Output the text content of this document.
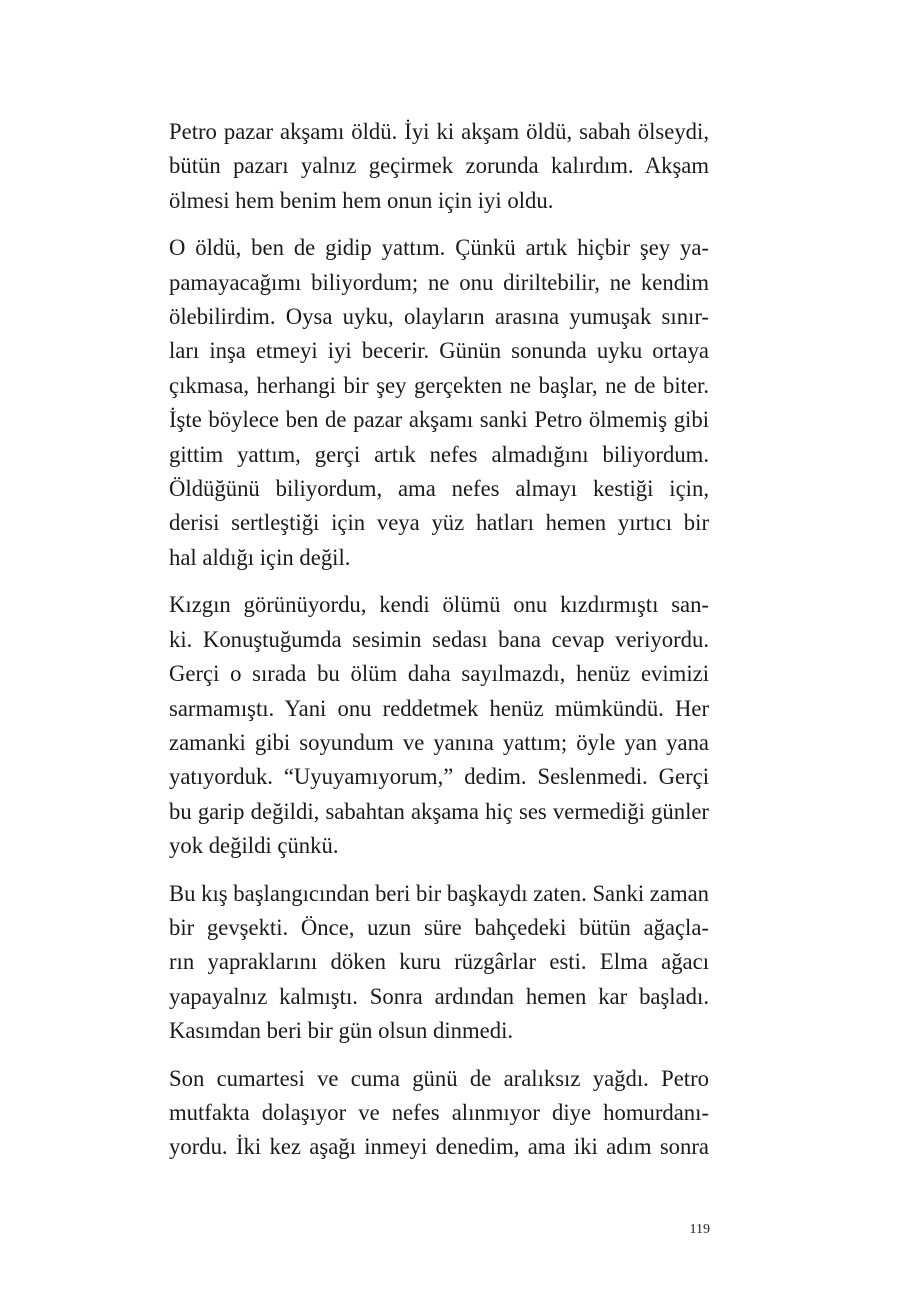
Petro pazar akşamı öldü. İyi ki akşam öldü, sabah ölseydi,
bütün pazarı yalnız geçirmek zorunda kalırdım. Akşam
ölmesi hem benim hem onun için iyi oldu.

O öldü, ben de gidip yattım. Çünkü artık hiçbir şey ya-
pamayacağımı biliyordum; ne onu diriltebilir, ne kendim
ölebilirdim. Oysa uyku, olayların arasına yumuşak sınır-
ları inşa etmeyi iyi becerir. Günün sonunda uyku ortaya
çıkmasa, herhangi bir şey gerçekten ne başlar, ne de biter.
İşte böylece ben de pazar akşamı sanki Petro ölmemiş gibi
gittim yattım, gerçi artık nefes almadığını biliyordum.
Öldüğünü biliyordum, ama nefes almayı kestiği için,
derisi sertleştiği için veya yüz hatları hemen yırtıcı bir
hal aldığı için değil.

Kızgın görünüyordu, kendi ölümü onu kızdırmıştı san-
ki. Konuştuğumda sesimin sedası bana cevap veriyordu.
Gerçi o sırada bu ölüm daha sayılmazdı, henüz evimizi
sarmamıştı. Yani onu reddetmek henüz mümkündü. Her
zamanki gibi soyundum ve yanına yattım; öyle yan yana
yatıyorduk. “Uyuyamıyorum,” dedim. Seslenmedi. Gerçi
bu garip değildi, sabahtan akşama hiç ses vermediği günler
yok değildi çünkü.

Bu kış başlangıcından beri bir başkaydı zaten. Sanki zaman
bir gevşekti. Önce, uzun süre bahçedeki bütün ağaçla-
rın yapraklarını döken kuru rüzgârlar esti. Elma ağacı
yapayalnız kalmıştı. Sonra ardından hemen kar başladı.
Kasımdan beri bir gün olsun dinmedi.

Son cumartesi ve cuma günü de aralıksız yağdı. Petro
mutfakta dolaşıyor ve nefes alınmıyor diye homurdanı-
yordu. İki kez aşağı inmeyi denedim, ama iki adım sonra

119
